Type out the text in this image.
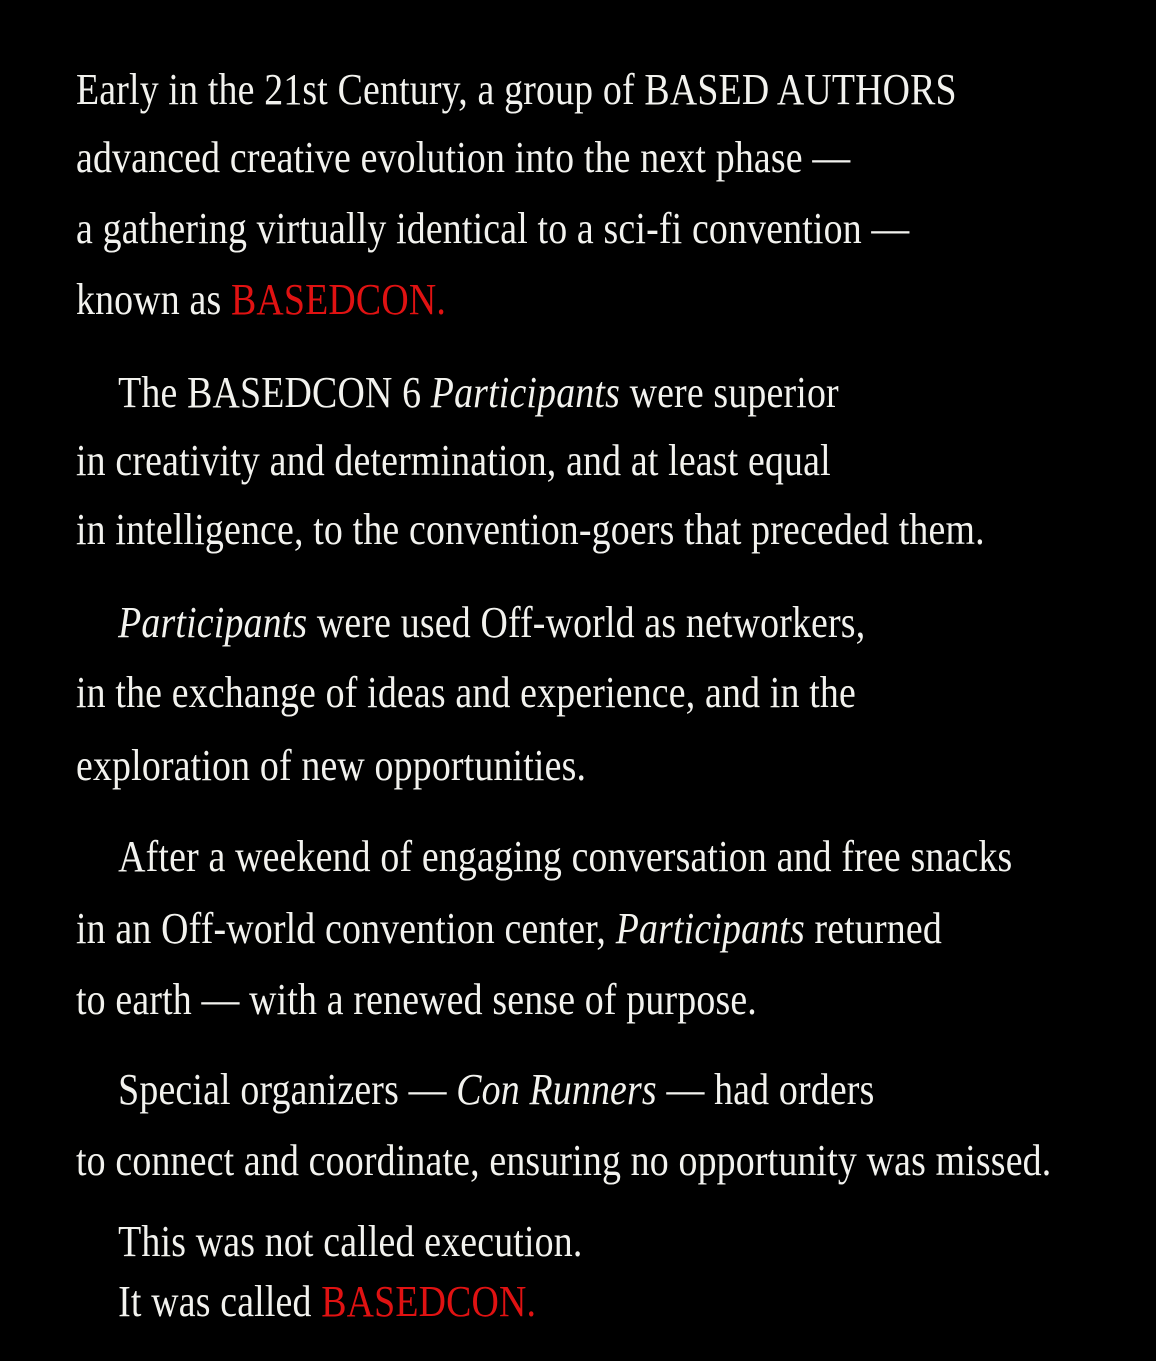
Early in the 21st Century, a group of BASED AUTHORS
advanced creative evolution into the next phase —
a gathering virtually identical to a sci-fi convention —
known as BASEDCON.
The BASEDCON 6 Participants were superior
in creativity and determination, and at least equal
in intelligence, to the convention-goers that preceded them.
Participants were used Off-world as networkers,
in the exchange of ideas and experience, and in the
exploration of new opportunities.
After a weekend of engaging conversation and free snacks
in an Off-world convention center, Participants returned
to earth — with a renewed sense of purpose.
Special organizers — Con Runners — had orders
to connect and coordinate, ensuring no opportunity was missed.
This was not called execution.
It was called BASEDCON.
